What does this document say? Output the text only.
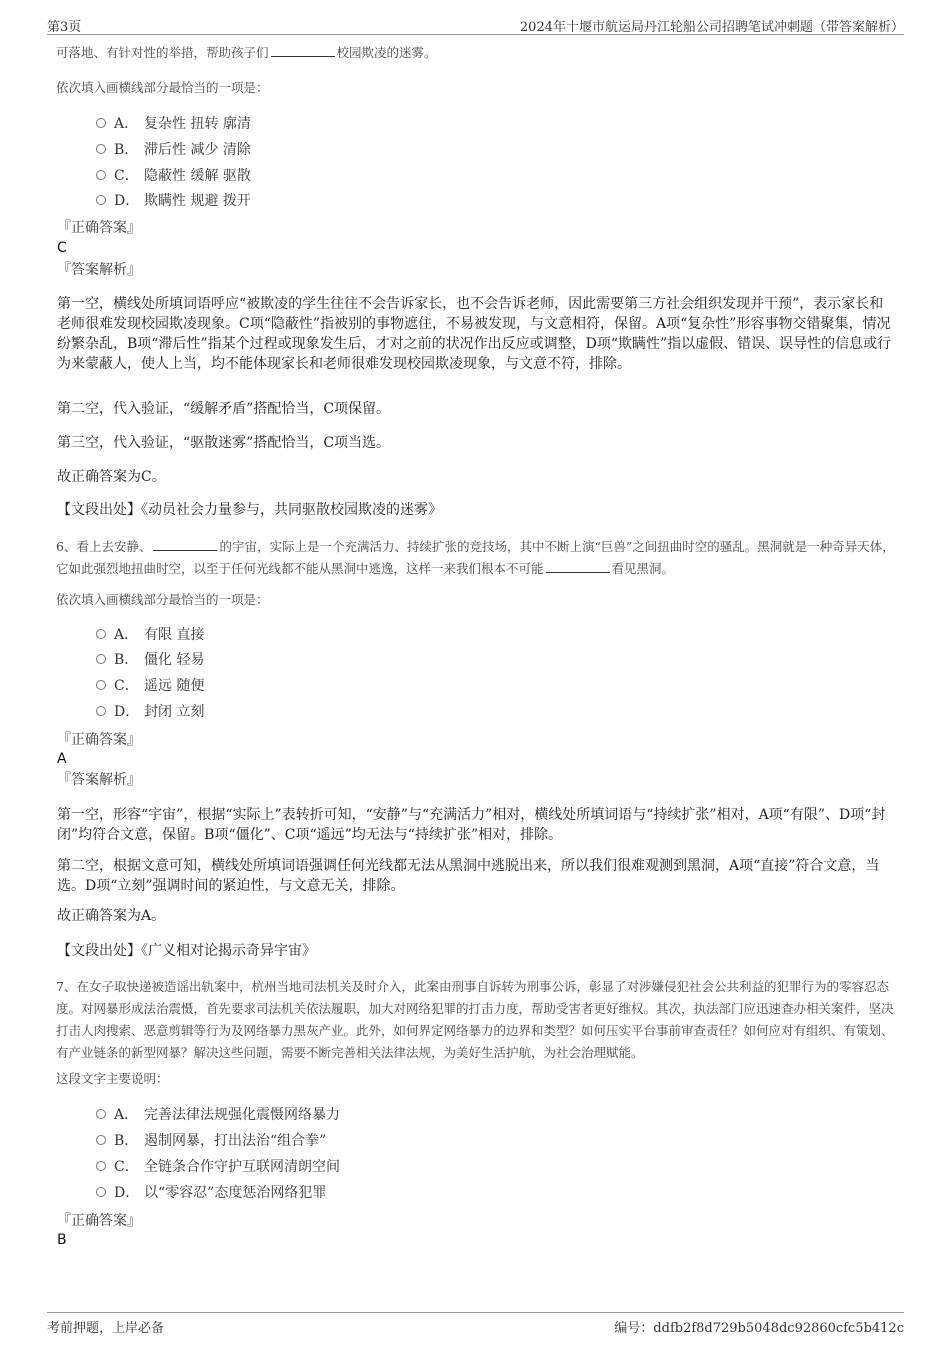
第3页	2024年十堰市航运局丹江轮船公司招聘笔试冲刺题（带答案解析）

可落地、有针对性的举措，帮助孩子们	校园欺凌的迷雾。

依次填入画横线部分最恰当的一项是：

A． 复杂性 扭转 廓清
B． 滞后性 减少 清除
C． 隐蔽性 缓解 驱散
D． 欺瞒性 规避 拨开
『正确答案』
C
『答案解析』

第一空，横线处所填词语呼应“被欺凌的学生往往不会告诉家长，也不会告诉老师，因此需要第三方社会组织发现并干预”，表示家长和老师很难发现校园欺凌现象。C项“隐蔽性”指被别的事物遮住，不易被发现，与文意相符，保留。A项“复杂性”形容事物交错聚集，情况纷繁杂乱，B项“滞后性”指某个过程或现象发生后，才对之前的状况作出反应或调整，D项“欺瞒性”指以虚假、错误、误导性的信息或行为来蒙蔽人，使人上当，均不能体现家长和老师很难发现校园欺凌现象，与文意不符，排除。

第二空，代入验证，“缓解矛盾”搭配恰当，C项保留。

第三空，代入验证，“驱散迷雾”搭配恰当，C项当选。

故正确答案为C。

【文段出处】《动员社会力量参与，共同驱散校园欺凌的迷雾》

6、看上去安静、	的宇宙，实际上是一个充满活力、持续扩张的竞技场，其中不断上演“巨兽”之间扭曲时空的骚乱。黑洞就是一种奇异天体，它如此强烈地扭曲时空，以至于任何光线都不能从黑洞中逃逸，这样一来我们根本不可能	看见黑洞。

依次填入画横线部分最恰当的一项是：

A． 有限 直接
B． 僵化 轻易
C． 遥远 随便
D． 封闭 立刻
『正确答案』
A
『答案解析』

第一空，形容“宇宙”，根据“实际上”表转折可知，“安静”与“充满活力”相对，横线处所填词语与“持续扩张”相对，A项“有限”、D项“封闭”均符合文意，保留。B项“僵化”、C项“遥远”均无法与“持续扩张”相对，排除。

第二空，根据文意可知，横线处所填词语强调任何光线都无法从黑洞中逃脱出来，所以我们很难观测到黑洞，A项“直接”符合文意，当选。D项“立刻”强调时间的紧迫性，与文意无关，排除。

故正确答案为A。

【文段出处】《广义相对论揭示奇异宇宙》

7、在女子取快递被造谣出轨案中，杭州当地司法机关及时介入，此案由刑事自诉转为刑事公诉，彰显了对涉嫌侵犯社会公共利益的犯罪行为的零容忍态度。对网暴形成法治震慑，首先要求司法机关依法履职，加大对网络犯罪的打击力度，帮助受害者更好维权。其次，执法部门应迅速查办相关案件，坚决打击人肉搜索、恶意剪辑等行为及网络暴力黑灰产业。此外，如何界定网络暴力的边界和类型？如何压实平台事前审查责任？如何应对有组织、有策划、有产业链条的新型网暴？解决这些问题，需要不断完善相关法律法规，为美好生活护航，为社会治理赋能。

这段文字主要说明：

A． 完善法律法规强化震慑网络暴力
B． 遏制网暴，打出法治“组合拳”
C． 全链条合作守护互联网清朗空间
D． 以“零容忍”态度惩治网络犯罪
『正确答案』
B
考前押题，上岸必备	编号：ddfb2f8d729b5048dc92860cfc5b412c
